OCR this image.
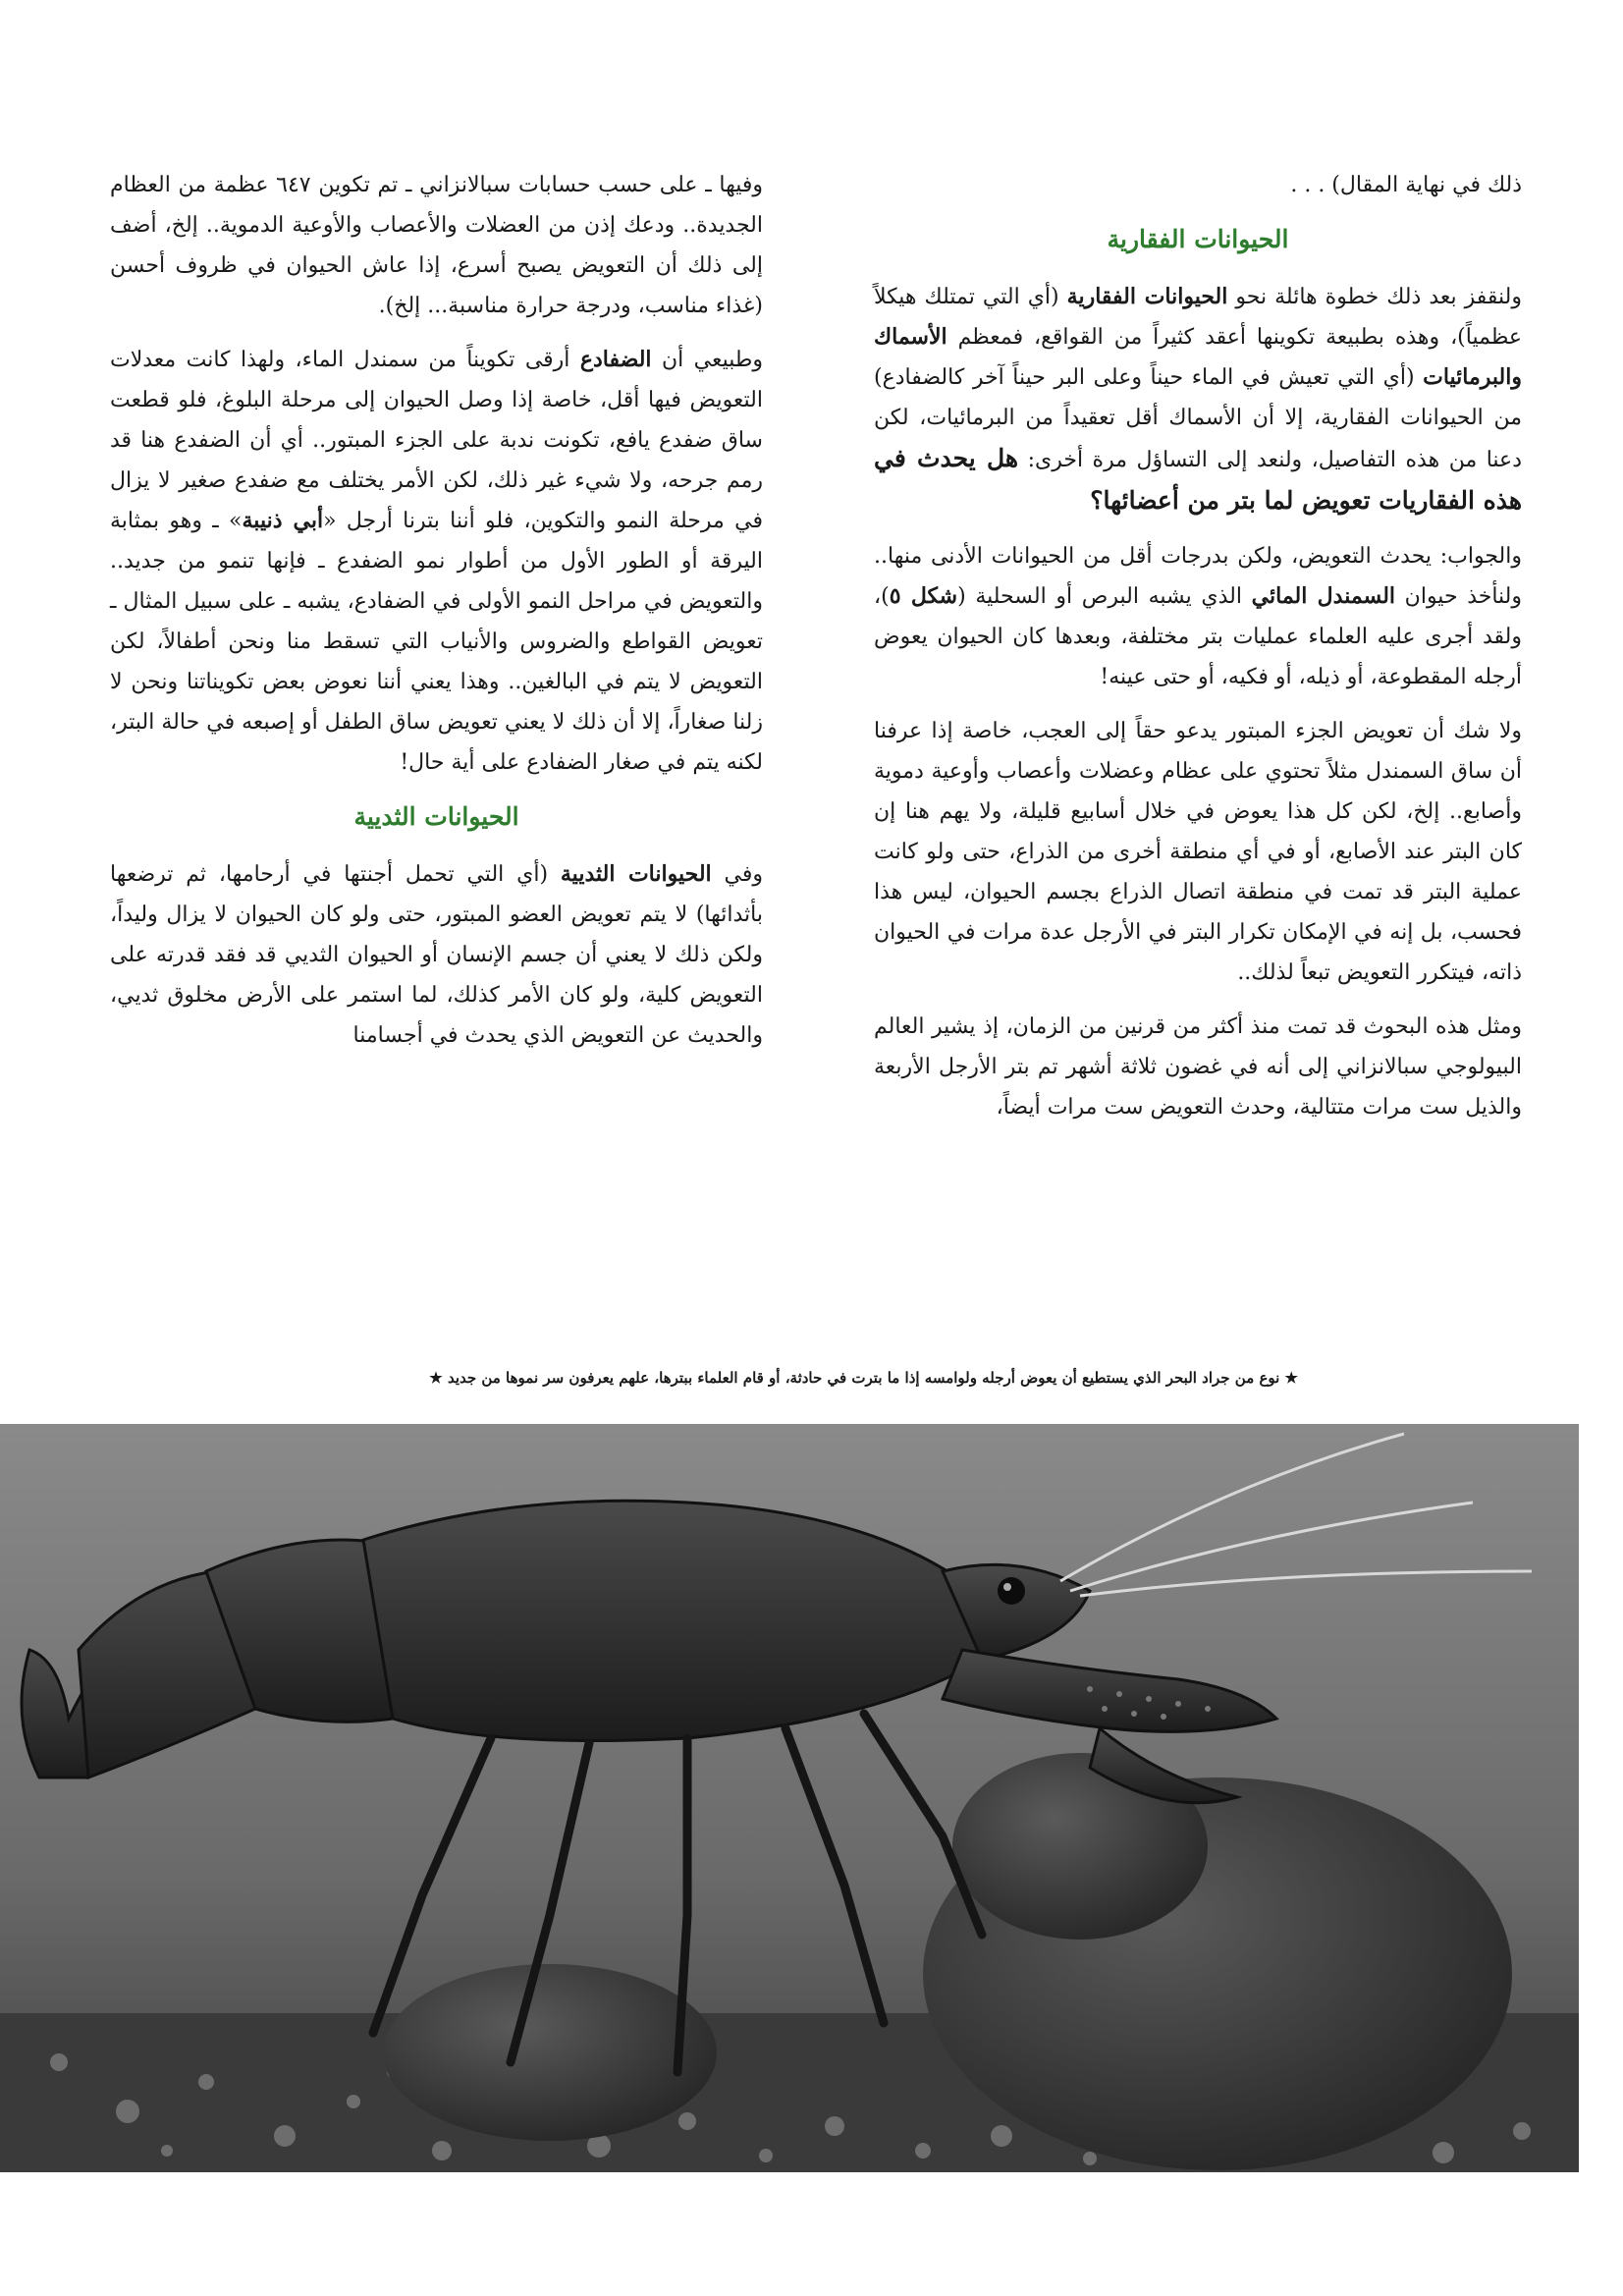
ذلك في نهاية المقال) . . .

الحيوانات الفقارية

ولنقفز بعد ذلك خطوة هائلة نحو الحيوانات الفقارية (أي التي تمتلك هيكلاً عظمياً)، وهذه بطبيعة تكوينها أعقد كثيراً من القواقع، فمعظم الأسماك والبرمائيات (أي التي تعيش في الماء حيناً وعلى البر حيناً آخر كالضفادع) من الحيوانات الفقارية، إلا أن الأسماك أقل تعقيداً من البرمائيات، لكن دعنا من هذه التفاصيل، ولنعد إلى التساؤل مرة أخرى: هل يحدث في هذه الفقاريات تعويض لما بتر من أعضائها؟

والجواب: يحدث التعويض، ولكن بدرجات أقل من الحيوانات الأدنى منها.. ولنأخذ حيوان السمندل المائي الذي يشبه البرص أو السحلية (شكل ٥)، ولقد أجرى عليه العلماء عمليات بتر مختلفة، وبعدها كان الحيوان يعوض أرجله المقطوعة، أو ذيله، أو فكيه، أو حتى عينه!

ولا شك أن تعويض الجزء المبتور يدعو حقاً إلى العجب، خاصة إذا عرفنا أن ساق السمندل مثلاً تحتوي على عظام وعضلات وأعصاب وأوعية دموية وأصابع.. إلخ، لكن كل هذا يعوض في خلال أسابيع قليلة، ولا يهم هنا إن كان البتر عند الأصابع، أو في أي منطقة أخرى من الذراع، حتى ولو كانت عملية البتر قد تمت في منطقة اتصال الذراع بجسم الحيوان، ليس هذا فحسب، بل إنه في الإمكان تكرار البتر في الأرجل عدة مرات في الحيوان ذاته، فيتكرر التعويض تبعاً لذلك..

ومثل هذه البحوث قد تمت منذ أكثر من قرنين من الزمان، إذ يشير العالم البيولوجي سبالانزاني إلى أنه في غضون ثلاثة أشهر تم بتر الأرجل الأربعة والذيل ست مرات متتالية، وحدث التعويض ست مرات أيضاً،

وفيها ـ على حسب حسابات سبالانزاني ـ تم تكوين ٦٤٧ عظمة من العظام الجديدة.. ودعك إذن من العضلات والأعصاب والأوعية الدموية.. إلخ، أضف إلى ذلك أن التعويض يصبح أسرع، إذا عاش الحيوان في ظروف أحسن (غذاء مناسب، ودرجة حرارة مناسبة... إلخ).

وطبيعي أن الضفادع أرقى تكويناً من سمندل الماء، ولهذا كانت معدلات التعويض فيها أقل، خاصة إذا وصل الحيوان إلى مرحلة البلوغ، فلو قطعت ساق ضفدع يافع، تكونت ندبة على الجزء المبتور.. أي أن الضفدع هنا قد رمم جرحه، ولا شيء غير ذلك، لكن الأمر يختلف مع ضفدع صغير لا يزال في مرحلة النمو والتكوين، فلو أننا بترنا أرجل «أبي ذنيبة» ـ وهو بمثابة اليرقة أو الطور الأول من أطوار نمو الضفدع ـ فإنها تنمو من جديد.. والتعويض في مراحل النمو الأولى في الضفادع، يشبه ـ على سبيل المثال ـ تعويض القواطع والضروس والأنياب التي تسقط منا ونحن أطفالاً، لكن التعويض لا يتم في البالغين.. وهذا يعني أننا نعوض بعض تكويناتنا ونحن لا زلنا صغاراً، إلا أن ذلك لا يعني تعويض ساق الطفل أو إصبعه في حالة البتر، لكنه يتم في صغار الضفادع على أية حال!

الحيوانات الثديية

وفي الحيوانات الثديية (أي التي تحمل أجنتها في أرحامها، ثم ترضعها بأثدائها) لا يتم تعويض العضو المبتور، حتى ولو كان الحيوان لا يزال وليداً، ولكن ذلك لا يعني أن جسم الإنسان أو الحيوان الثديي قد فقد قدرته على التعويض كلية، ولو كان الأمر كذلك، لما استمر على الأرض مخلوق ثديي، والحديث عن التعويض الذي يحدث في أجسامنا

★ نوع من جراد البحر الذي يستطيع أن يعوض أرجله ولوامسه إذا ما بترت في حادثة، أو قام العلماء ببترها، علهم يعرفون سر نموها من جديد ★
